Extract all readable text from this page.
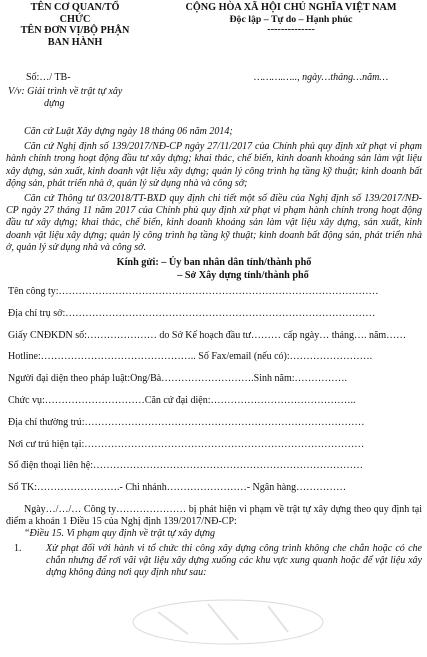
TÊN CƠ QUAN/TỔ
CHỨC
TÊN ĐƠN VỊ/BỘ PHẬN
BAN HÀNH
CỘNG HÒA XÃ HỘI CHỦ NGHĨA VIỆT NAM
Độc lập – Tự do – Hạnh phúc
--------------
Số:…/ TB-
V/v: Giải trình về trật tự xây
dựng
……….….., ngày…tháng…năm…

Căn cứ Luật Xây dựng ngày 18 tháng 06 năm 2014;

Căn cứ Nghị định số 139/2017/NĐ-CP ngày 27/11/2017 của Chính phủ quy định xử phạt vi phạm hành chính trong hoạt động đầu tư xây dựng; khai thác, chế biến, kinh doanh khoáng sản làm vật liệu xây dựng, sản xuất, kinh doanh vật liệu xây dựng; quản lý công trình hạ tầng kỹ thuật; kinh doanh bất động sản, phát triển nhà ở, quản lý sử dụng nhà và công sở;

Căn cứ Thông tư 03/2018/TT-BXD quy định chi tiết một số điều của Nghị định số 139/2017/NĐ-CP ngày 27 tháng 11 năm 2017 của Chính phủ quy định xử phạt vi phạm hành chính trong hoạt động đầu tư xây dựng; khai thác, chế biến, kinh doanh khoáng sản làm vật liệu xây dựng, sản xuất, kinh doanh vật liệu xây dựng; quản lý công trình hạ tầng kỹ thuật; kinh doanh bất động sản, phát triển nhà ở, quản lý sử dụng nhà và công sở.

Kính gửi: – Ủy ban nhân dân tỉnh/thành phố
– Sở Xây dựng tỉnh/thành phố
Tên công ty:……………………………………………………………………………………
Địa chỉ trụ sở:…………………………………………………………………………………
Giấy CNĐKDN số:………………… do Sở Kế hoạch đầu tư……… cấp ngày… tháng…. năm……
Hotline:……………………………………….. Số Fax/email (nếu có):…………………….
Người đại diện theo pháp luật:Ông/Bà……………………….Sinh năm:…………….
Chức vụ:…………………………Căn cứ đại diện:……………………………………..
Địa chỉ thường trú:…………………………………………………………………………
Nơi cư trú hiện tại:…………………………………………………………………………
Số điện thoại liên hệ:………………………………………………………………………
Số TK:…………………….- Chi nhánh……………………- Ngân hàng……………

Ngày…/…/… Công ty………………… bị phát hiện vi phạm về trật tự xây dựng theo quy định tại điểm a khoản 1 Điều 15 của Nghị định 139/2017/NĐ-CP:

“Điều 15. Vi phạm quy định về trật tự xây dựng

1. Xử phạt đối với hành vi tổ chức thi công xây dựng công trình không che chắn hoặc có che chắn nhưng để rơi vãi vật liệu xây dựng xuống các khu vực xung quanh hoặc để vật liệu xây dựng không đúng nơi quy định như sau:
